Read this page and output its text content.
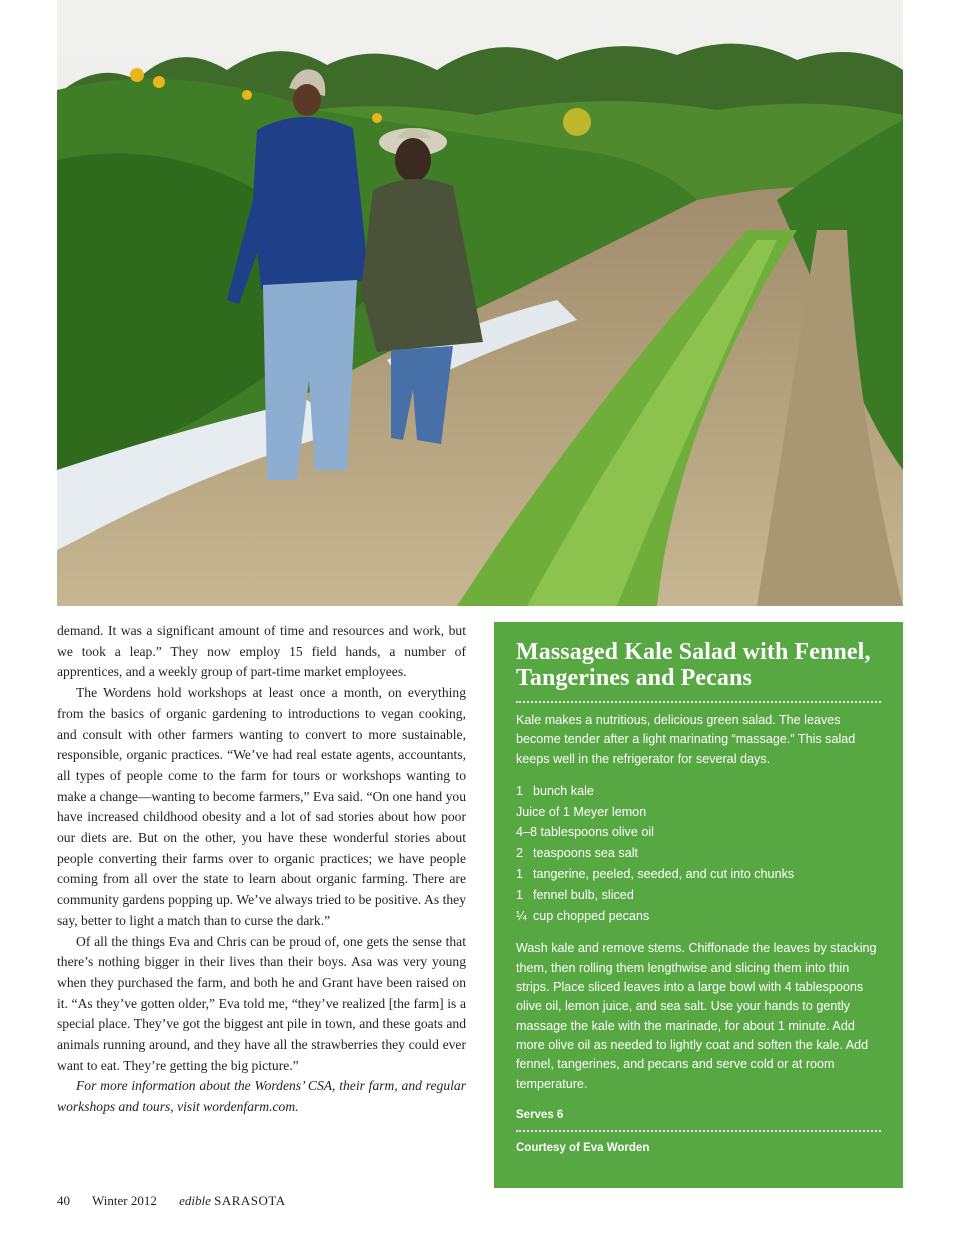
demand. It was a significant amount of time and resources and work, but we took a leap.” They now employ 15 field hands, a number of apprentices, and a weekly group of part-time market employees.

The Wordens hold workshops at least once a month, on everything from the basics of organic gardening to introductions to vegan cooking, and consult with other farmers wanting to convert to more sustainable, responsible, organic practices. “We’ve had real estate agents, accountants, all types of people come to the farm for tours or workshops wanting to make a change—wanting to become farmers,” Eva said. “On one hand you have increased childhood obesity and a lot of sad stories about how poor our diets are. But on the other, you have these wonderful stories about people converting their farms over to organic practices; we have people coming from all over the state to learn about organic farming. There are community gardens popping up. We’ve always tried to be positive. As they say, better to light a match than to curse the dark.”

Of all the things Eva and Chris can be proud of, one gets the sense that there’s nothing bigger in their lives than their boys. Asa was very young when they purchased the farm, and both he and Grant have been raised on it. “As they’ve gotten older,” Eva told me, “they’ve realized [the farm] is a special place. They’ve got the biggest ant pile in town, and these goats and animals running around, and they have all the strawberries they could ever want to eat. They’re getting the big picture.”

For more information about the Wordens’ CSA, their farm, and regular workshops and tours, visit wordenfarm.com.

Massaged Kale Salad with Fennel, Tangerines and Pecans
Kale makes a nutritious, delicious green salad. The leaves become tender after a light marinating “massage.” This salad keeps well in the refrigerator for several days.
1 bunch kale
Juice of 1 Meyer lemon
4–8 tablespoons olive oil
2 teaspoons sea salt
1 tangerine, peeled, seeded, and cut into chunks
1 fennel bulb, sliced
¼ cup chopped pecans
Wash kale and remove stems. Chiffonade the leaves by stacking them, then rolling them lengthwise and slicing them into thin strips. Place sliced leaves into a large bowl with 4 tablespoons olive oil, lemon juice, and sea salt. Use your hands to gently massage the kale with the marinade, for about 1 minute. Add more olive oil as needed to lightly coat and soften the kale. Add fennel, tangerines, and pecans and serve cold or at room temperature.
Serves 6
Courtesy of Eva Worden
40 Winter 2012 edible SARASOTA
